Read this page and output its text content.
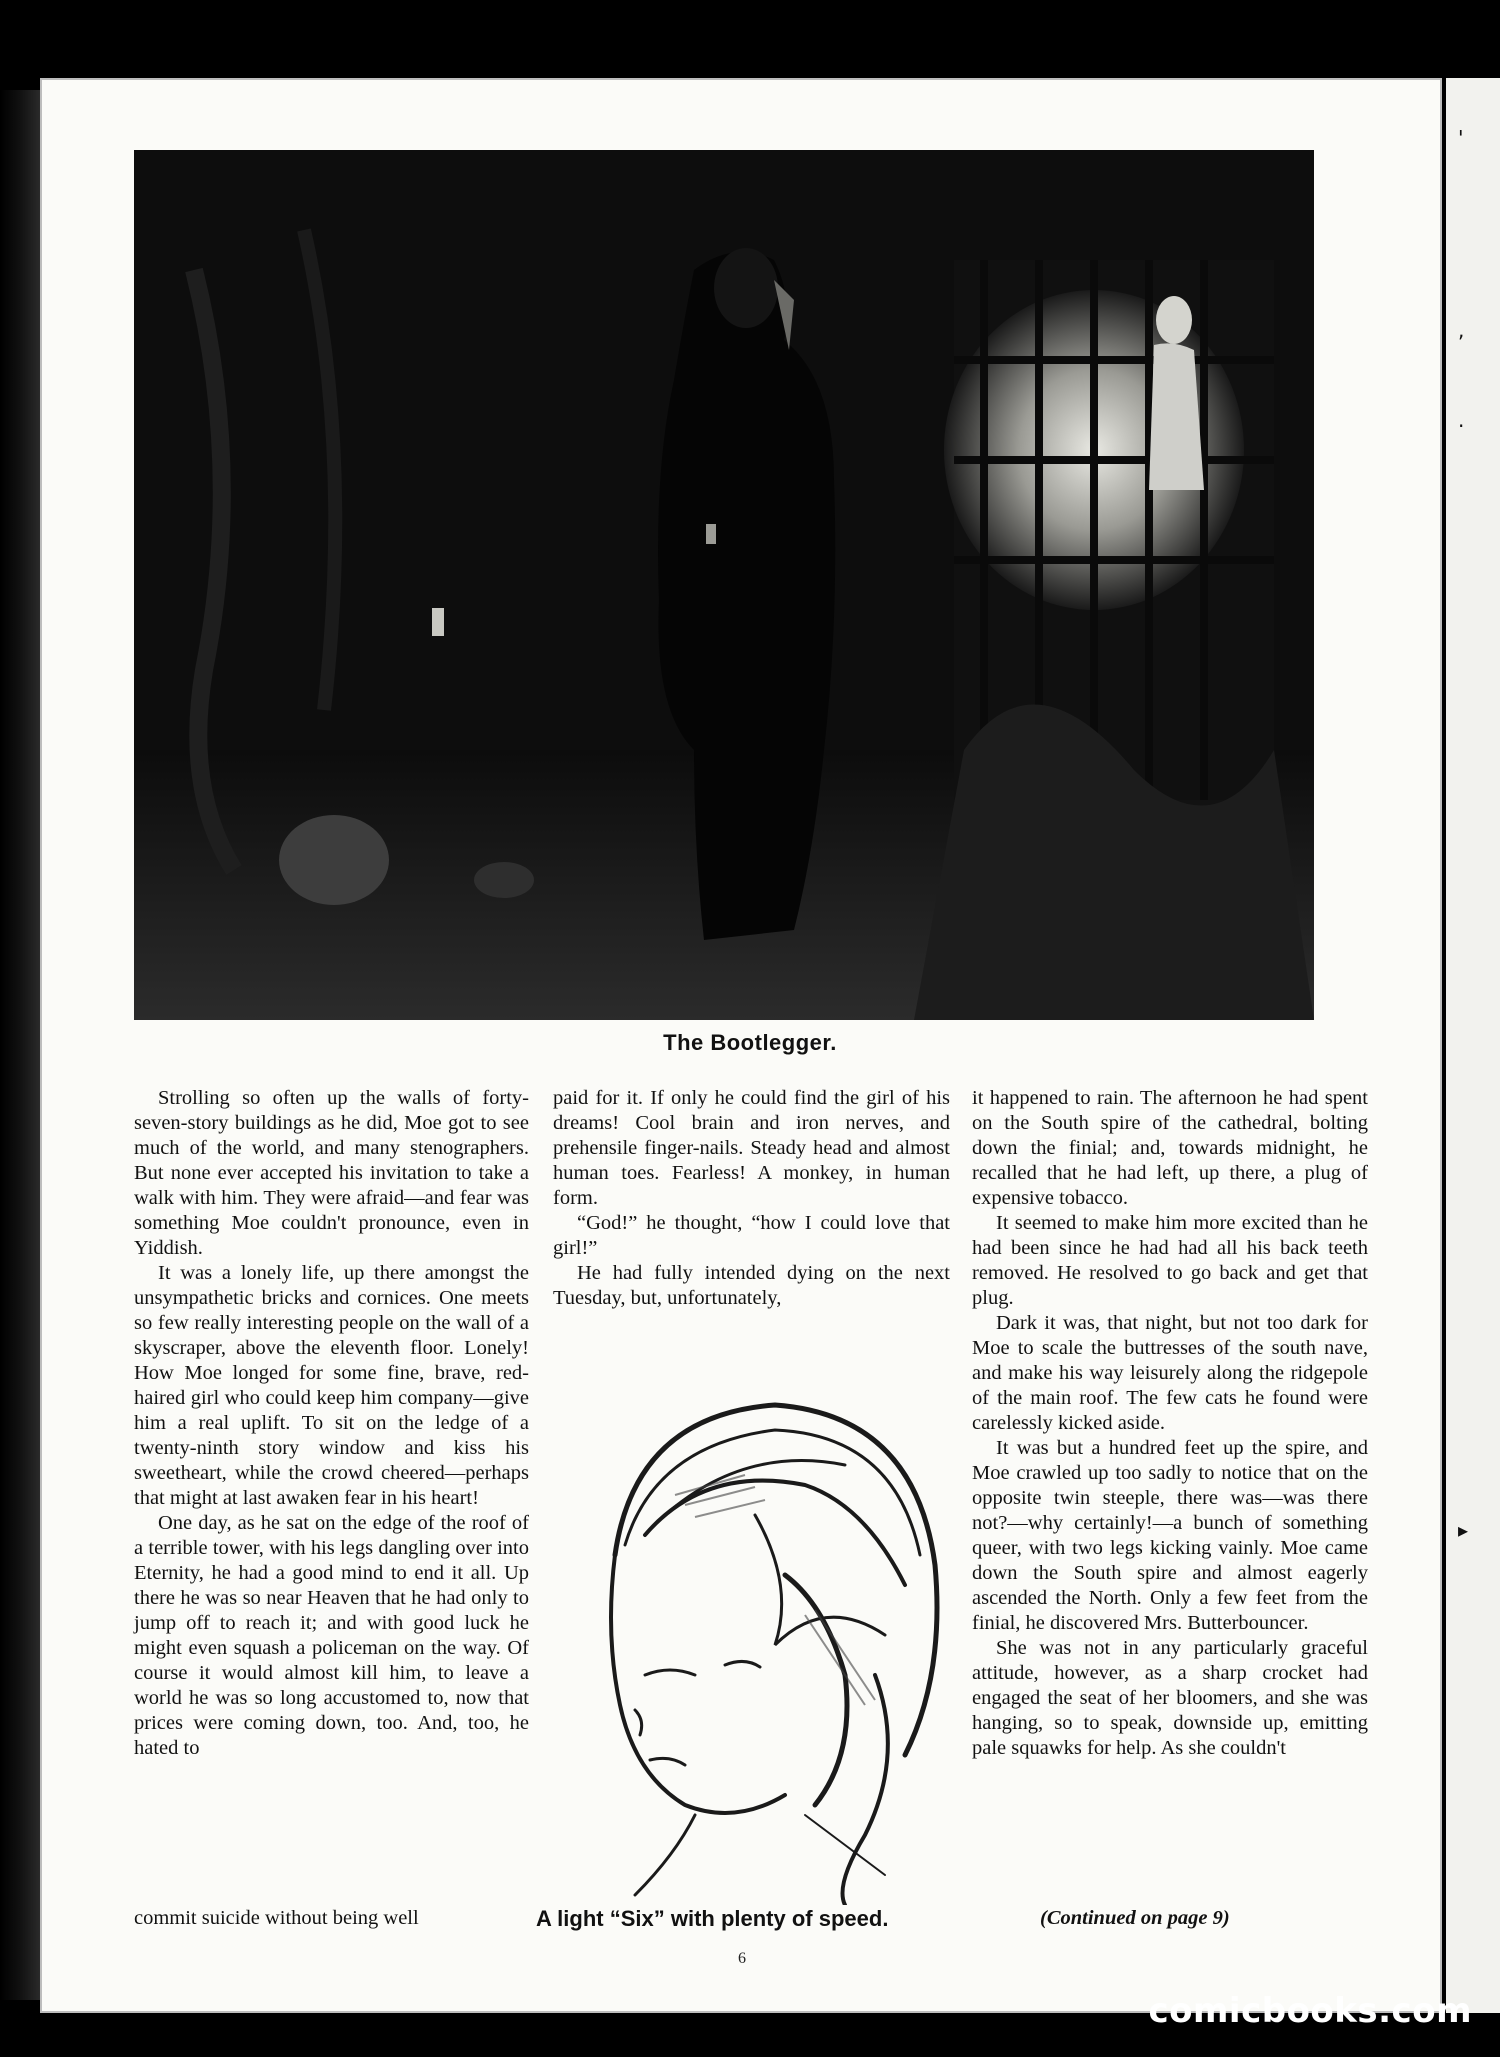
'
,
.
▸
The Bootlegger.

Strolling so often up the walls of forty-seven-story buildings as he did, Moe got to see much of the world, and many stenographers. But none ever accepted his invitation to take a walk with him. They were afraid—and fear was something Moe couldn't pronounce, even in Yiddish.

It was a lonely life, up there amongst the unsympathetic bricks and cornices. One meets so few really interesting people on the wall of a skyscraper, above the eleventh floor. Lonely! How Moe longed for some fine, brave, red-haired girl who could keep him company—give him a real uplift. To sit on the ledge of a twenty-ninth story window and kiss his sweetheart, while the crowd cheered—perhaps that might at last awaken fear in his heart!

One day, as he sat on the edge of the roof of a terrible tower, with his legs dangling over into Eternity, he had a good mind to end it all. Up there he was so near Heaven that he had only to jump off to reach it; and with good luck he might even squash a policeman on the way. Of course it would almost kill him, to leave a world he was so long accustomed to, now that prices were coming down, too. And, too, he hated to

commit suicide without being well

paid for it. If only he could find the girl of his dreams! Cool brain and iron nerves, and prehensile finger-nails. Steady head and almost human toes. Fearless! A monkey, in human form.

“God!” he thought, “how I could love that girl!”

He had fully intended dying on the next Tuesday, but, unfortunately,

A light “Six” with plenty of speed.

it happened to rain. The afternoon he had spent on the South spire of the cathedral, bolting down the finial; and, towards midnight, he recalled that he had left, up there, a plug of expensive tobacco.

It seemed to make him more excited than he had been since he had had all his back teeth removed. He resolved to go back and get that plug.

Dark it was, that night, but not too dark for Moe to scale the buttresses of the south nave, and make his way leisurely along the ridgepole of the main roof. The few cats he found were carelessly kicked aside.

It was but a hundred feet up the spire, and Moe crawled up too sadly to notice that on the opposite twin steeple, there was—was there not?—why certainly!—a bunch of something queer, with two legs kicking vainly. Moe came down the South spire and almost eagerly ascended the North. Only a few feet from the finial, he discovered Mrs. Butterbouncer.

She was not in any particularly graceful attitude, however, as a sharp crocket had engaged the seat of her bloomers, and she was hanging, so to speak, downside up, emitting pale squawks for help. As she couldn't

(Continued on page 9)
6
comicbooks.com
